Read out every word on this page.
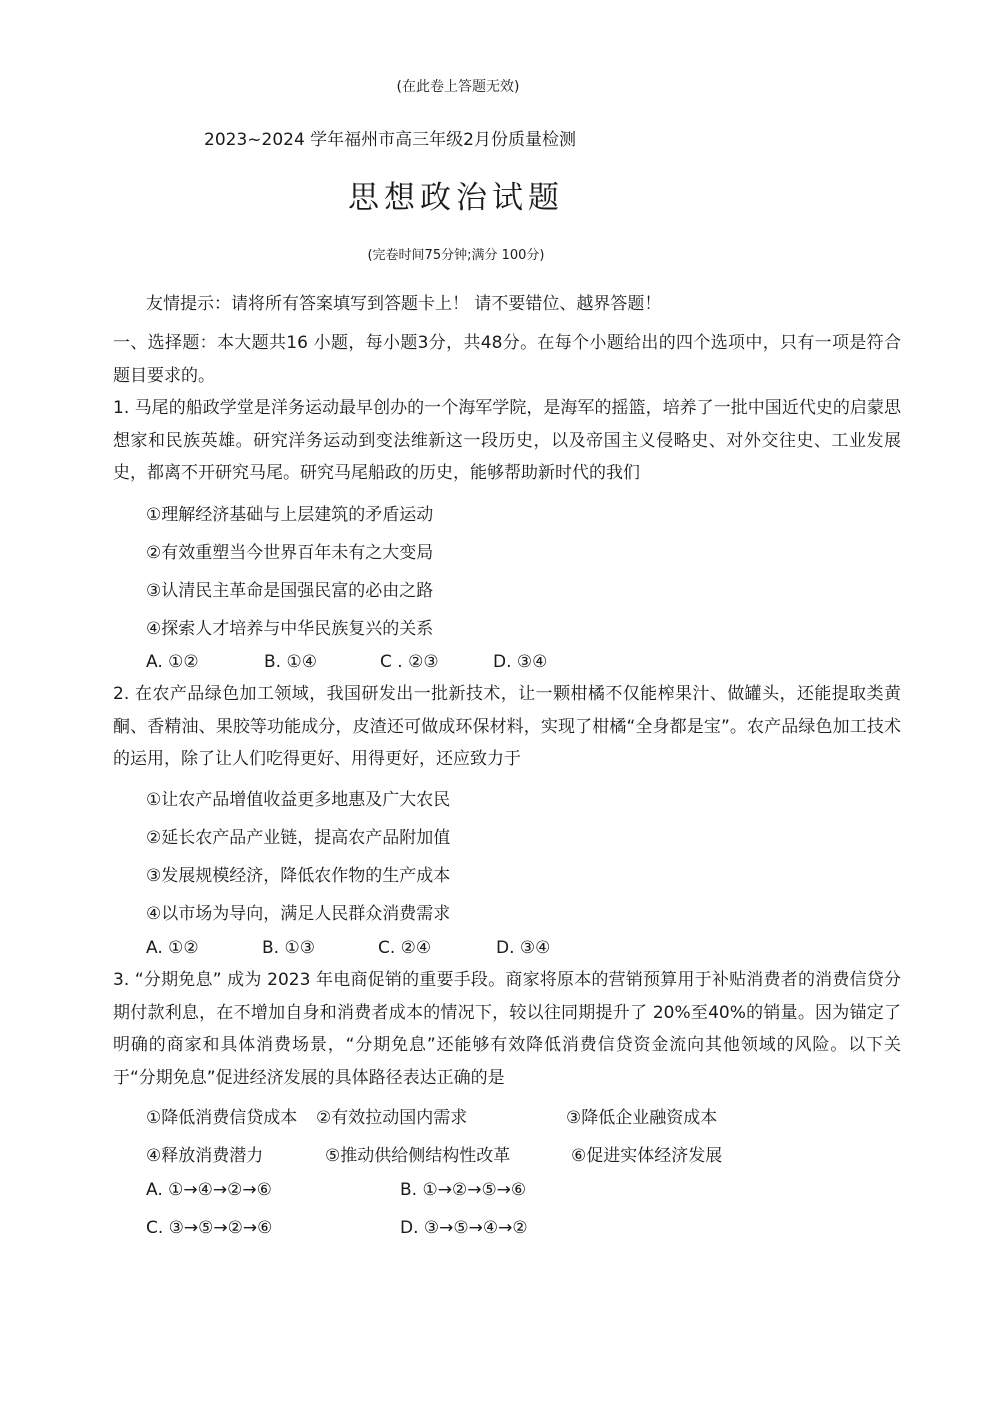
(在此卷上答题无效)
2023~2024 学年福州市高三年级2月份质量检测
思想政治试题
(完卷时间75分钟;满分 100分)
友情提示：请将所有答案填写到答题卡上！ 请不要错位、越界答题！
一、选择题：本大题共16 小题，每小题3分，共48分。在每个小题给出的四个选项中，只有一项是符合题目要求的。
1. 马尾的船政学堂是洋务运动最早创办的一个海军学院，是海军的摇篮，培养了一批中国近代史的启蒙思想家和民族英雄。研究洋务运动到变法维新这一段历史，以及帝国主义侵略史、对外交往史、工业发展史，都离不开研究马尾。研究马尾船政的历史，能够帮助新时代的我们
①理解经济基础与上层建筑的矛盾运动
②有效重塑当今世界百年未有之大变局
③认清民主革命是国强民富的必由之路
④探索人才培养与中华民族复兴的关系
A. ①②	B. ①④	C . ②③	D. ③④
2. 在农产品绿色加工领域，我国研发出一批新技术，让一颗柑橘不仅能榨果汁、做罐头，还能提取类黄酮、香精油、果胶等功能成分，皮渣还可做成环保材料，实现了柑橘“全身都是宝”。农产品绿色加工技术的运用，除了让人们吃得更好、用得更好，还应致力于
①让农产品增值收益更多地惠及广大农民
②延长农产品产业链，提高农产品附加值
③发展规模经济，降低农作物的生产成本
④以市场为导向，满足人民群众消费需求
A. ①②	B. ①③	C. ②④	D. ③④
3. “分期免息” 成为 2023 年电商促销的重要手段。商家将原本的营销预算用于补贴消费者的消费信贷分期付款利息，在不增加自身和消费者成本的情况下，较以往同期提升了 20%至40%的销量。因为锚定了明确的商家和具体消费场景，“分期免息”还能够有效降低消费信贷资金流向其他领域的风险。以下关于“分期免息”促进经济发展的具体路径表达正确的是
①降低消费信贷成本 ②有效拉动国内需求	③降低企业融资成本
④释放消费潜力	⑤推动供给侧结构性改革	⑥促进实体经济发展
A. ①→④→②→⑥	B. ①→②→⑤→⑥
C. ③→⑤→②→⑥	D. ③→⑤→④→②
